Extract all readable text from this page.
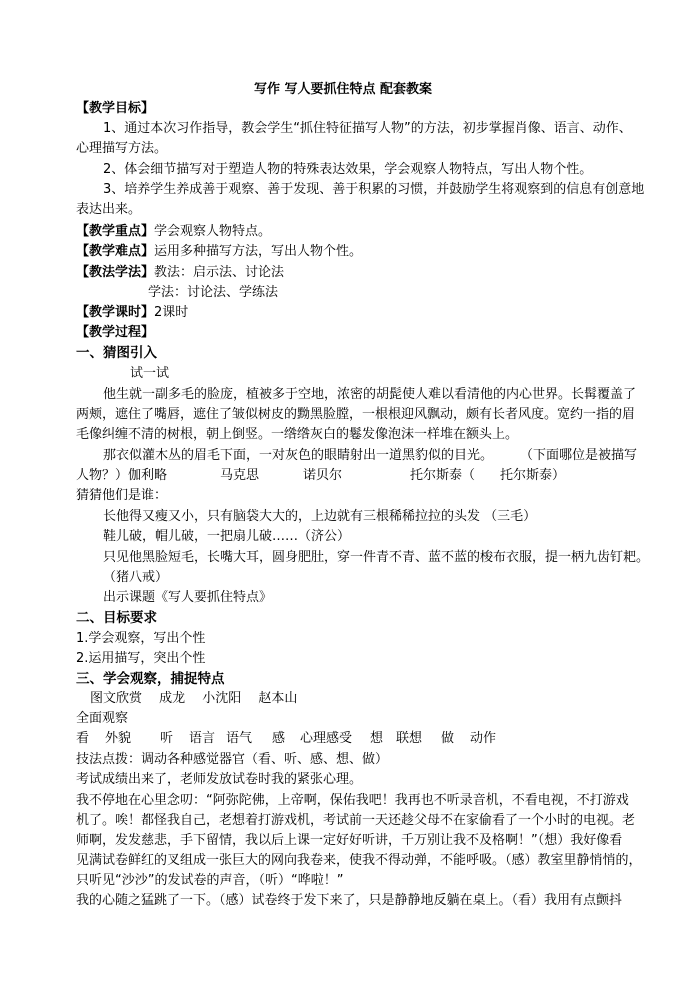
写作 写人要抓住特点 配套教案
【教学目标】
1、通过本次习作指导，教会学生“抓住特征描写人物”的方法，初步掌握肖像、语言、动作、
心理描写方法。
2、体会细节描写对于塑造人物的特殊表达效果，学会观察人物特点，写出人物个性。
3、培养学生养成善于观察、善于发现、善于积累的习惯，并鼓励学生将观察到的信息有创意地
表达出来。
【教学重点】学会观察人物特点。
【教学难点】运用多种描写方法，写出人物个性。
【教法学法】教法：启示法、讨论法
学法：讨论法、学练法
【教学课时】2课时
【教学过程】
一、猜图引入
试一试
他生就一副多毛的脸庞，植被多于空地，浓密的胡髭使人难以看清他的内心世界。长髯覆盖了
两颊，遮住了嘴唇，遮住了皱似树皮的黝黑脸膛，一根根迎风飘动，颇有长者风度。宽约一指的眉
毛像纠缠不清的树根，朝上倒竖。一绺绺灰白的鬈发像泡沫一样堆在额头上。
那衣似灌木丛的眉毛下面，一对灰色的眼睛射出一道黑豹似的目光。 （下面哪位是被描写
人物？）伽利略	马克思	诺贝尔	托尔斯泰（ 托尔斯泰）
猜猜他们是谁：
长他得又瘦又小，只有脑袋大大的，上边就有三根稀稀拉拉的头发 （三毛）
鞋儿破，帽儿破，一把扇儿破……（济公）
只见他黑脸短毛，长嘴大耳，圆身肥肚，穿一件青不青、蓝不蓝的梭布衣服，提一柄九齿钉耙。
（猪八戒）
出示课题《写人要抓住特点》
二、目标要求
1.学会观察，写出个性
2.运用描写，突出个性
三、学会观察，捕捉特点
图文欣赏　 成龙　 小沈阳　 赵本山
全面观察
看 外貌 听 语言 语气 感 心理感受 想 联想 做 动作
技法点拨：调动各种感觉器官（看、听、感、想、做）
考试成绩出来了，老师发放试卷时我的紧张心理。
我不停地在心里念叨：“阿弥陀佛，上帝啊，保佑我吧！我再也不听录音机，不看电视，不打游戏
机了。唉！都怪我自己，老想着打游戏机，考试前一天还趁父母不在家偷看了一个小时的电视。老
师啊，发发慈悲，手下留情，我以后上课一定好好听讲，千万别让我不及格啊！”（想）我好像看
见满试卷鲜红的叉组成一张巨大的网向我卷来，使我不得动弹，不能呼吸。（感）教室里静悄悄的，
只听见“沙沙”的发试卷的声音，（听）“哗啦！”
我的心随之猛跳了一下。（感）试卷终于发下来了，只是静静地反躺在桌上。（看）我用有点颤抖
